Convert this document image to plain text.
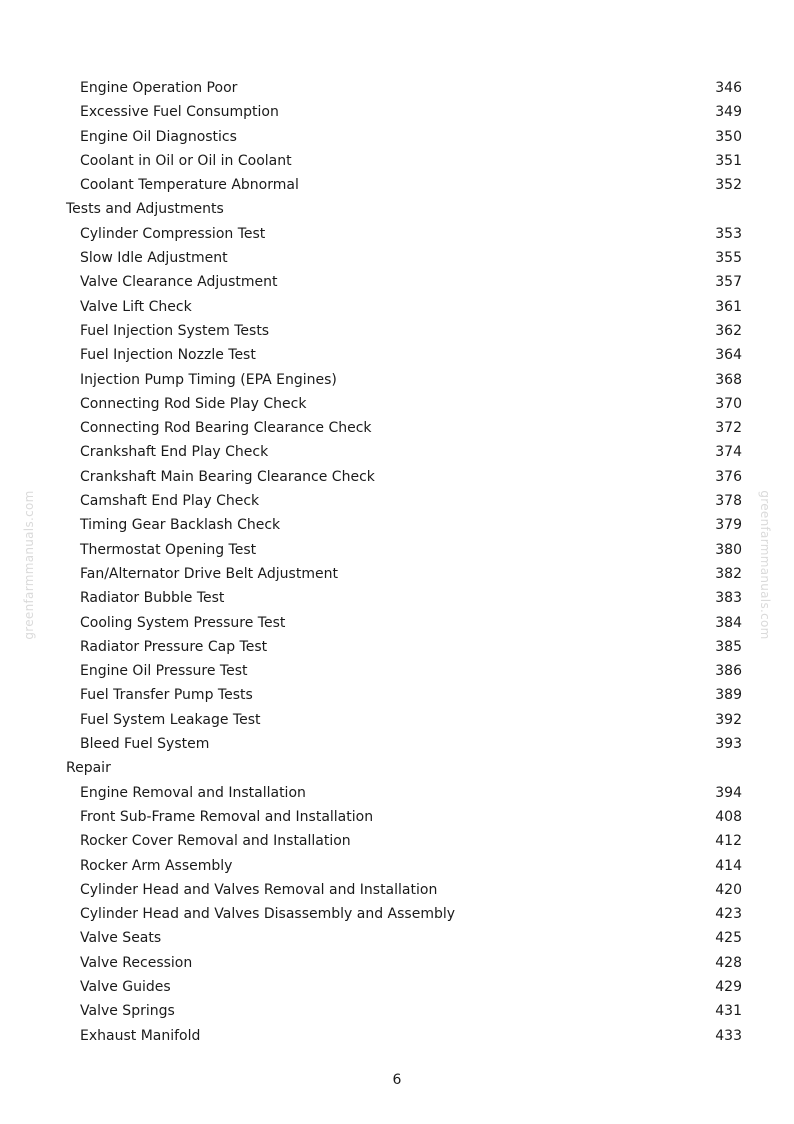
Engine Operation Poor	346
Excessive Fuel Consumption	349
Engine Oil Diagnostics	350
Coolant in Oil or Oil in Coolant	351
Coolant Temperature Abnormal	352
Tests and Adjustments
Cylinder Compression Test	353
Slow Idle Adjustment	355
Valve Clearance Adjustment	357
Valve Lift Check	361
Fuel Injection System Tests	362
Fuel Injection Nozzle Test	364
Injection Pump Timing (EPA Engines)	368
Connecting Rod Side Play Check	370
Connecting Rod Bearing Clearance Check	372
Crankshaft End Play Check	374
Crankshaft Main Bearing Clearance Check	376
Camshaft End Play Check	378
Timing Gear Backlash Check	379
Thermostat Opening Test	380
Fan/Alternator Drive Belt Adjustment	382
Radiator Bubble Test	383
Cooling System Pressure Test	384
Radiator Pressure Cap Test	385
Engine Oil Pressure Test	386
Fuel Transfer Pump Tests	389
Fuel System Leakage Test	392
Bleed Fuel System	393
Repair
Engine Removal and Installation	394
Front Sub-Frame Removal and Installation	408
Rocker Cover Removal and Installation	412
Rocker Arm Assembly	414
Cylinder Head and Valves Removal and Installation	420
Cylinder Head and Valves Disassembly and Assembly	423
Valve Seats	425
Valve Recession	428
Valve Guides	429
Valve Springs	431
Exhaust Manifold	433
6
greenfarmmanuals.com	greenfarmmanuals.com
